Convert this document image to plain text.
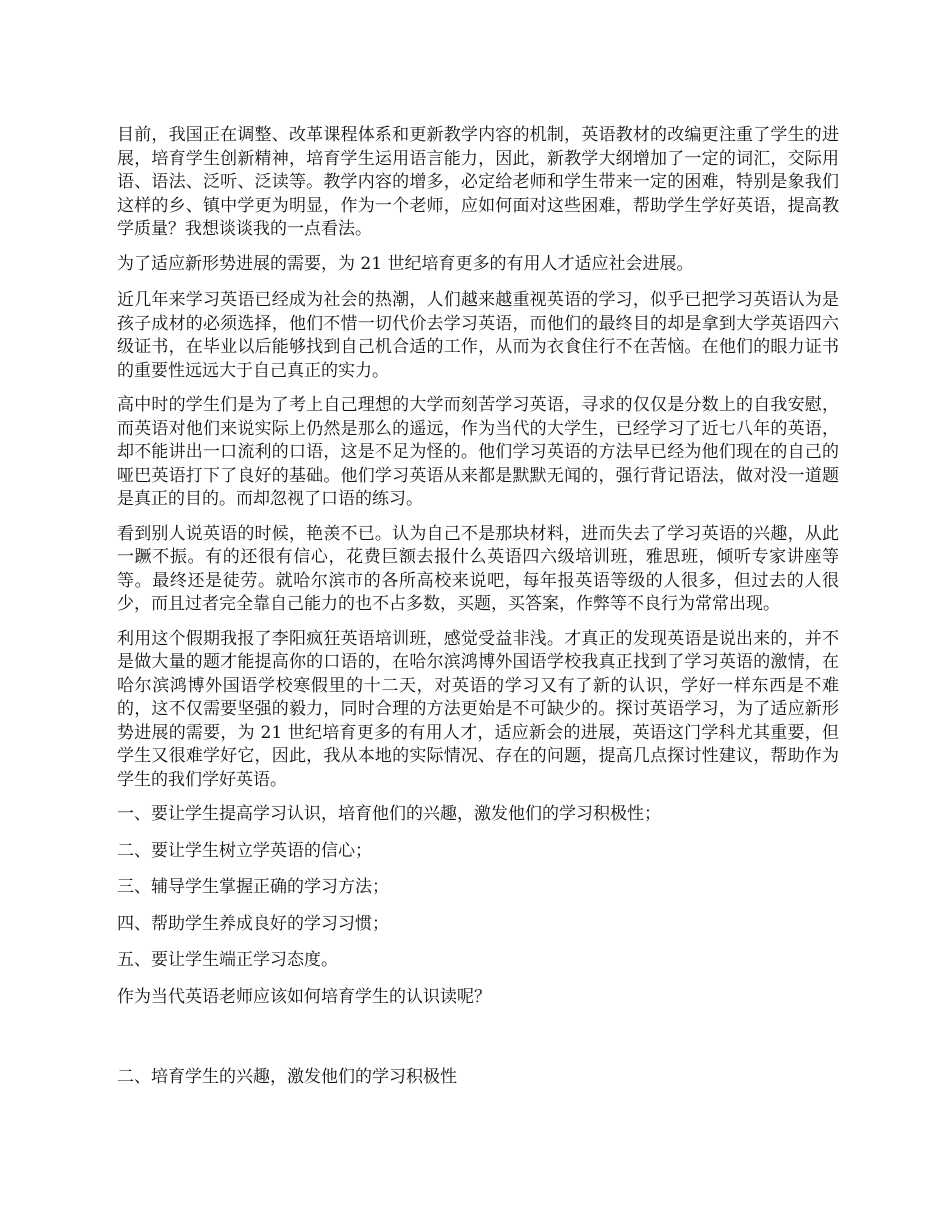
目前，我国正在调整、改革课程体系和更新教学内容的机制，英语教材的改编更注重了学生的进展，培育学生创新精神，培育学生运用语言能力，因此，新教学大纲增加了一定的词汇，交际用语、语法、泛听、泛读等。教学内容的增多，必定给老师和学生带来一定的困难，特别是象我们这样的乡、镇中学更为明显，作为一个老师，应如何面对这些困难，帮助学生学好英语，提高教学质量？我想谈谈我的一点看法。

为了适应新形势进展的需要，为 21 世纪培育更多的有用人才适应社会进展。

近几年来学习英语已经成为社会的热潮，人们越来越重视英语的学习，似乎已把学习英语认为是孩子成材的必须选择，他们不惜一切代价去学习英语，而他们的最终目的却是拿到大学英语四六级证书，在毕业以后能够找到自己机合适的工作，从而为衣食住行不在苦恼。在他们的眼力证书的重要性远远大于自己真正的实力。

高中时的学生们是为了考上自己理想的大学而刻苦学习英语，寻求的仅仅是分数上的自我安慰，而英语对他们来说实际上仍然是那么的遥远，作为当代的大学生，已经学习了近七八年的英语，却不能讲出一口流利的口语，这是不足为怪的。他们学习英语的方法早已经为他们现在的自己的哑巴英语打下了良好的基础。他们学习英语从来都是默默无闻的，强行背记语法，做对没一道题是真正的目的。而却忽视了口语的练习。

看到别人说英语的时候，艳羡不已。认为自己不是那块材料，进而失去了学习英语的兴趣，从此一蹶不振。有的还很有信心，花费巨额去报什么英语四六级培训班，雅思班，倾听专家讲座等等。最终还是徒劳。就哈尔滨市的各所高校来说吧，每年报英语等级的人很多，但过去的人很少，而且过者完全靠自己能力的也不占多数，买题，买答案，作弊等不良行为常常出现。

利用这个假期我报了李阳疯狂英语培训班，感觉受益非浅。才真正的发现英语是说出来的，并不是做大量的题才能提高你的口语的，在哈尔滨鸿博外国语学校我真正找到了学习英语的激情，在哈尔滨鸿博外国语学校寒假里的十二天，对英语的学习又有了新的认识，学好一样东西是不难的，这不仅需要坚强的毅力，同时合理的方法更始是不可缺少的。探讨英语学习，为了适应新形势进展的需要，为 21 世纪培育更多的有用人才，适应新会的进展，英语这门学科尤其重要，但学生又很难学好它，因此，我从本地的实际情况、存在的问题，提高几点探讨性建议，帮助作为学生的我们学好英语。

一、要让学生提高学习认识，培育他们的兴趣，激发他们的学习积极性；

二、要让学生树立学英语的信心；

三、辅导学生掌握正确的学习方法；

四、帮助学生养成良好的学习习惯；

五、要让学生端正学习态度。

作为当代英语老师应该如何培育学生的认识读呢？

二、培育学生的兴趣，激发他们的学习积极性
